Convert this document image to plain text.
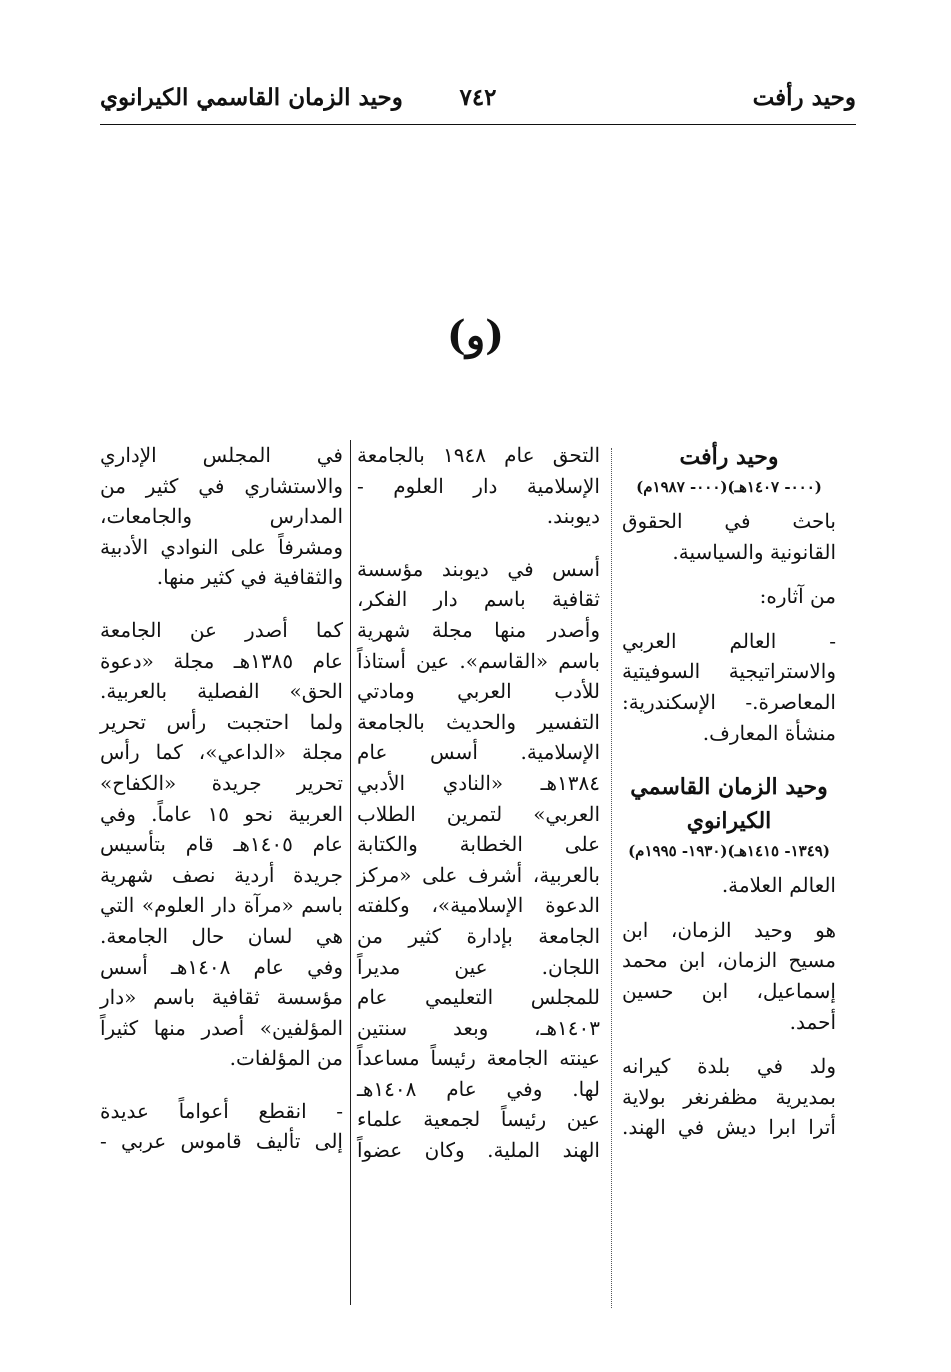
وحيد رأفت
٧٤٢
وحيد الزمان القاسمي الكيرانوي
(و)
وحيد رأفت
(٠٠٠- ١٤٠٧هـ)(٠٠٠- ١٩٨٧م)
باحث في الحقوق
القانونية والسياسية.
من آثاره:
- العالم العربي
والاستراتيجية السوفيتية
المعاصرة.- الإسكندرية:
منشأة المعارف.
وحيد الزمان القاسمي
الكيرانوي
(١٣٤٩- ١٤١٥هـ)(١٩٣٠- ١٩٩٥م)
العالم العلامة.
هو وحيد الزمان، ابن
مسيح الزمان، ابن محمد
إسماعيل، ابن حسين
أحمد.
ولد في بلدة كيرانه
بمديرية مظفرنغر بولاية
أترا ابرا ديش في الهند.
التحق عام ١٩٤٨ بالجامعة
الإسلامية دار العلوم -
ديوبند.
أسس في ديوبند مؤسسة
ثقافية باسم دار الفكر،
وأصدر منها مجلة شهرية
باسم «القاسم». عين أستاذاً
للأدب العربي ومادتي
التفسير والحديث بالجامعة
الإسلامية. أسس عام
١٣٨٤هـ «النادي الأدبي
العربي» لتمرين الطلاب
على الخطابة والكتابة
بالعربية، أشرف على «مركز
الدعوة الإسلامية»، وكلفته
الجامعة بإدارة كثير من
اللجان. عين مديراً
للمجلس التعليمي عام
١٤٠٣هـ، وبعد سنتين
عينته الجامعة رئيساً مساعداً
لها. وفي عام ١٤٠٨هـ
عين رئيساً لجمعية علماء
الهند الملية. وكان عضواً
في المجلس الإداري
والاستشاري في كثير من
المدارس والجامعات،
ومشرفاً على النوادي الأدبية
والثقافية في كثير منها.
كما أصدر عن الجامعة
عام ١٣٨٥هـ مجلة «دعوة
الحق» الفصلية بالعربية.
ولما احتجبت رأس تحرير
مجلة «الداعي»، كما رأس
تحرير جريدة «الكفاح»
العربية نحو ١٥ عاماً. وفي
عام ١٤٠٥هـ قام بتأسيس
جريدة أردية نصف شهرية
باسم «مرآة دار العلوم» التي
هي لسان حال الجامعة.
وفي عام ١٤٠٨هـ أسس
مؤسسة ثقافية باسم «دار
المؤلفين» أصدر منها كثيراً
من المؤلفات.
- انقطع أعواماً عديدة
إلى تأليف قاموس عربي -
